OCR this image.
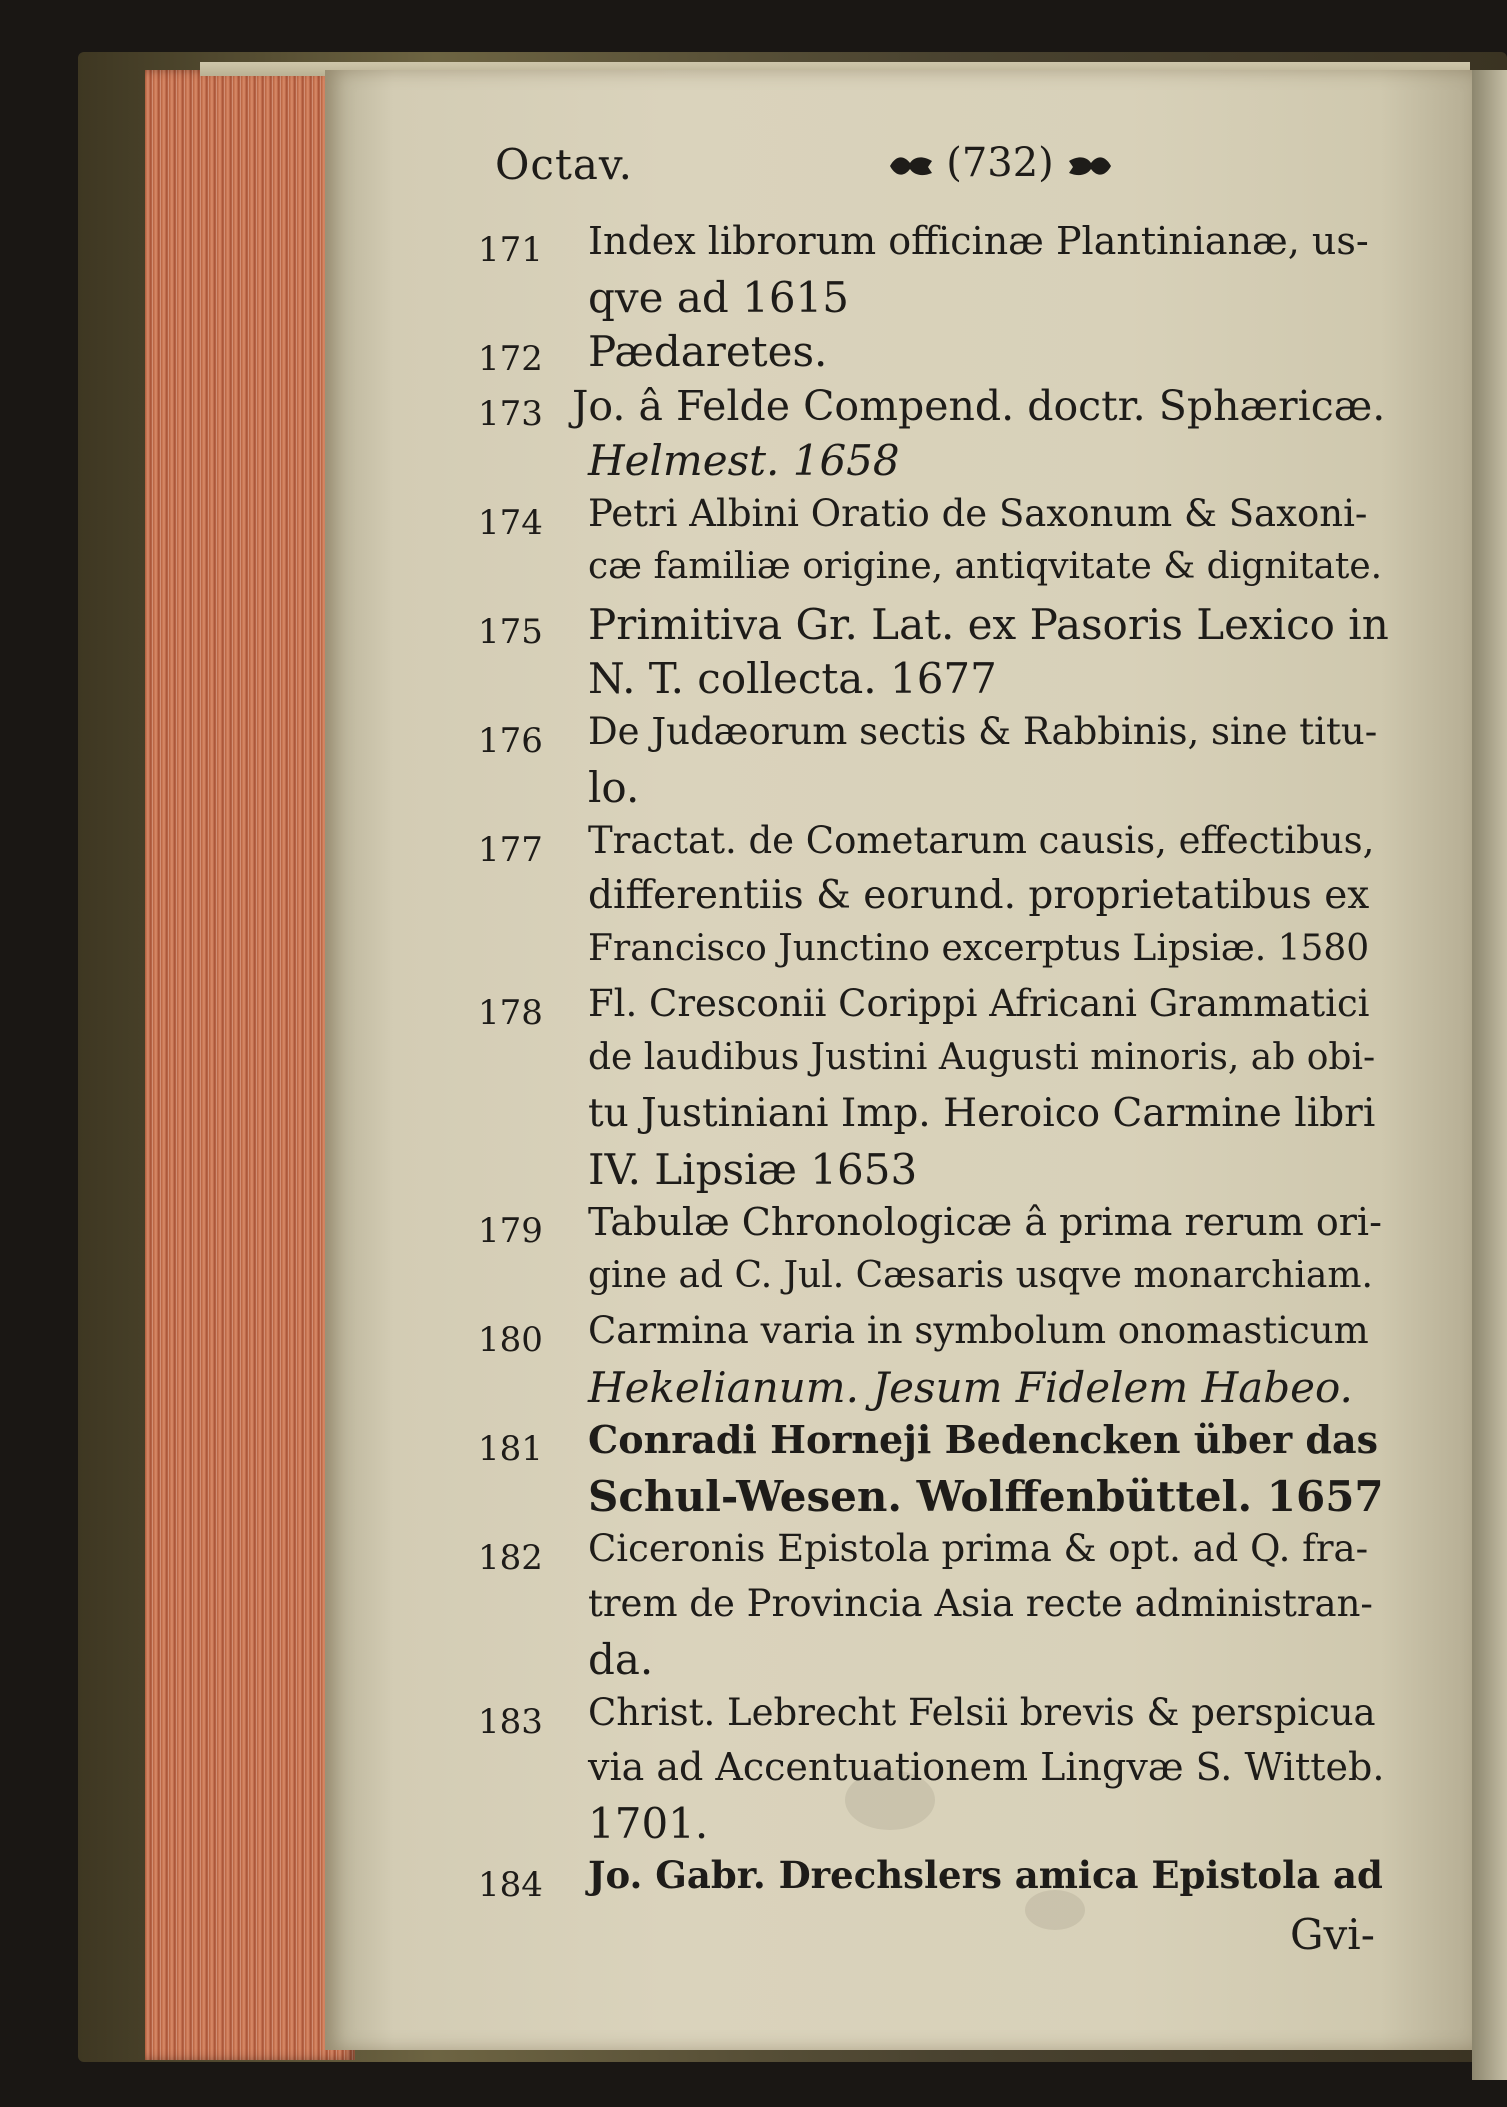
Octav.	(732)
171 Index librorum officinæ Plantinianæ, us-
qve ad 1615
172 Pædaretes.
173 Jo. â Felde Compend. doctr. Sphæricæ.
Helmest. 1658
174 Petri Albini Oratio de Saxonum & Saxoni-
cæ familiæ origine, antiqvitate & dignitate.
175 Primitiva Gr. Lat. ex Pasoris Lexico in
N. T. collecta. 1677
176 De Judæorum sectis & Rabbinis, sine titu-
lo.
177 Tractat. de Cometarum causis, effectibus,
differentiis & eorund. proprietatibus ex
Francisco Junctino excerptus Lipsiæ. 1580
178 Fl. Cresconii Corippi Africani Grammatici
de laudibus Justini Augusti minoris, ab obi-
tu Justiniani Imp. Heroico Carmine libri
IV. Lipsiæ 1653
179 Tabulæ Chronologicæ â prima rerum ori-
gine ad C. Jul. Cæsaris usqve monarchiam.
180 Carmina varia in symbolum onomasticum
Hekelianum. Jesum Fidelem Habeo.
181 Conradi Horneji Bedencken über das
Schul-Wesen. Wolffenbüttel. 1657
182 Ciceronis Epistola prima & opt. ad Q. fra-
trem de Provincia Asia recte administran-
da.
183 Christ. Lebrecht Felsii brevis & perspicua
via ad Accentuationem Lingvæ S. Witteb.
1701.
184 Jo. Gabr. Drechslers amica Epistola ad
Gvi-
